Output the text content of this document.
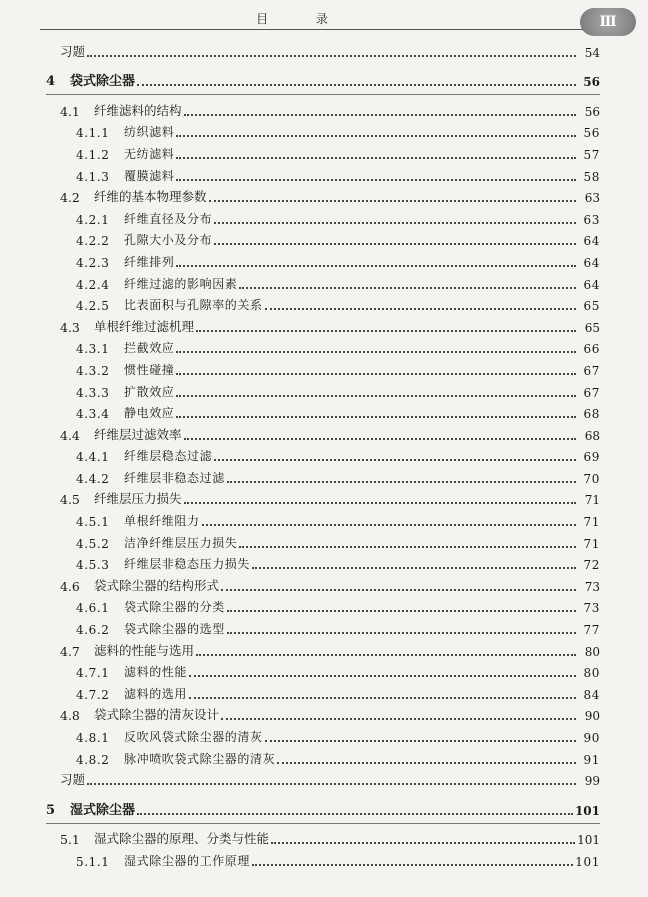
目 录	Ⅲ
习题	54
4	袋式除尘器	56
4.1	纤维滤料的结构	56
4.1.1	纺织滤料	56
4.1.2	无纺滤料	57
4.1.3	覆膜滤料	58
4.2	纤维的基本物理参数	63
4.2.1	纤维直径及分布	63
4.2.2	孔隙大小及分布	64
4.2.3	纤维排列	64
4.2.4	纤维过滤的影响因素	64
4.2.5	比表面积与孔隙率的关系	65
4.3	单根纤维过滤机理	65
4.3.1	拦截效应	66
4.3.2	惯性碰撞	67
4.3.3	扩散效应	67
4.3.4	静电效应	68
4.4	纤维层过滤效率	68
4.4.1	纤维层稳态过滤	69
4.4.2	纤维层非稳态过滤	70
4.5	纤维层压力损失	71
4.5.1	单根纤维阻力	71
4.5.2	洁净纤维层压力损失	71
4.5.3	纤维层非稳态压力损失	72
4.6	袋式除尘器的结构形式	73
4.6.1	袋式除尘器的分类	73
4.6.2	袋式除尘器的选型	77
4.7	滤料的性能与选用	80
4.7.1	滤料的性能	80
4.7.2	滤料的选用	84
4.8	袋式除尘器的清灰设计	90
4.8.1	反吹风袋式除尘器的清灰	90
4.8.2	脉冲喷吹袋式除尘器的清灰	91
习题	99
5	湿式除尘器	101
5.1	湿式除尘器的原理、分类与性能	101
5.1.1	湿式除尘器的工作原理	101
